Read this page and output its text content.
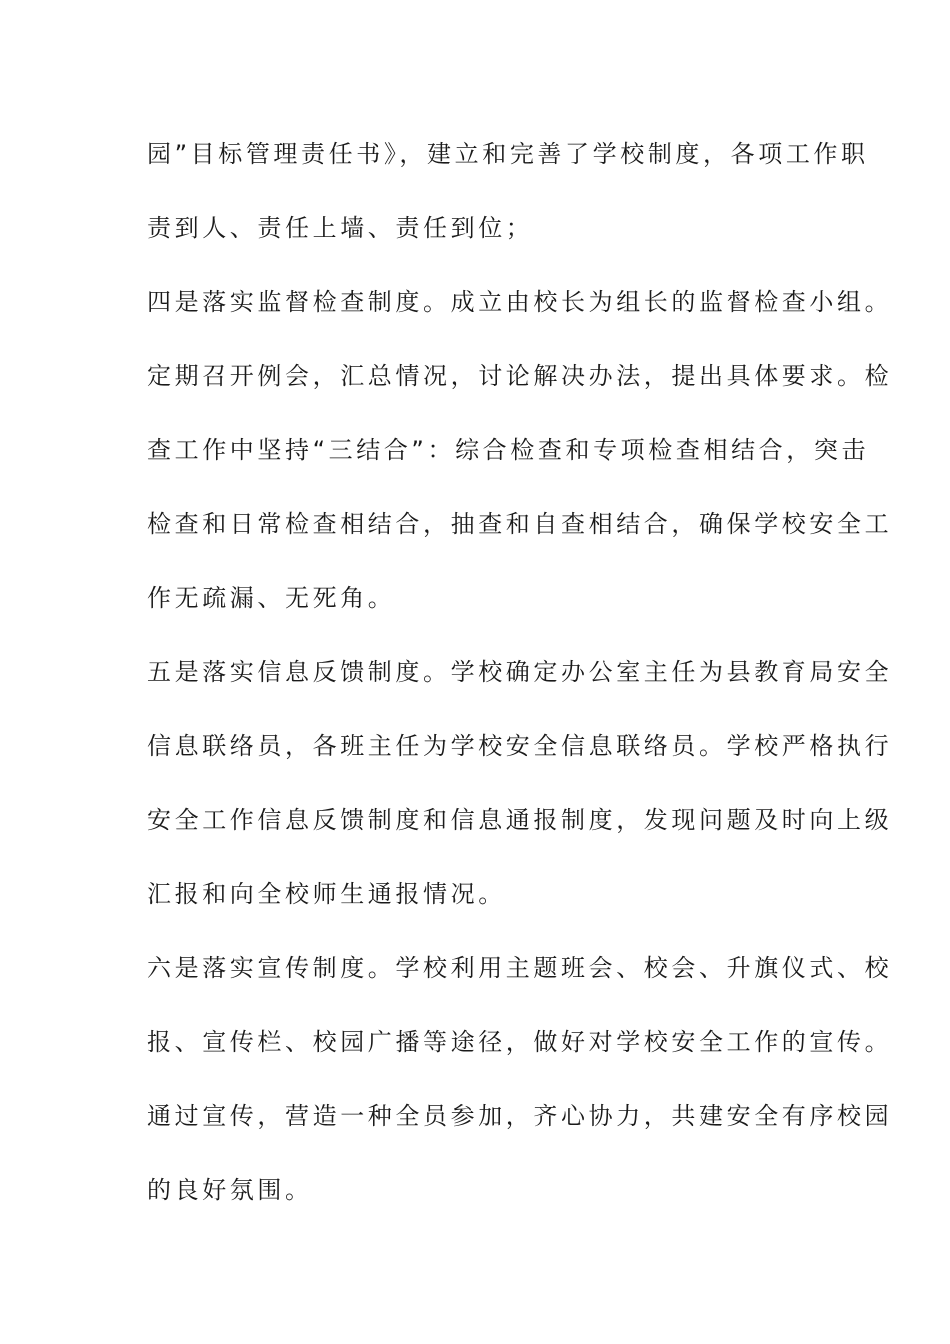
园”目标管理责任书》，建立和完善了学校制度，各项工作职
责到人、责任上墙、责任到位；
四是落实监督检查制度。成立由校长为组长的监督检查小组。
定期召开例会，汇总情况，讨论解决办法，提出具体要求。检
查工作中坚持“三结合”：综合检查和专项检查相结合，突击
检查和日常检查相结合，抽查和自查相结合，确保学校安全工
作无疏漏、无死角。
五是落实信息反馈制度。学校确定办公室主任为县教育局安全
信息联络员，各班主任为学校安全信息联络员。学校严格执行
安全工作信息反馈制度和信息通报制度，发现问题及时向上级
汇报和向全校师生通报情况。
六是落实宣传制度。学校利用主题班会、校会、升旗仪式、校
报、宣传栏、校园广播等途径，做好对学校安全工作的宣传。
通过宣传，营造一种全员参加，齐心协力，共建安全有序校园
的良好氛围。
